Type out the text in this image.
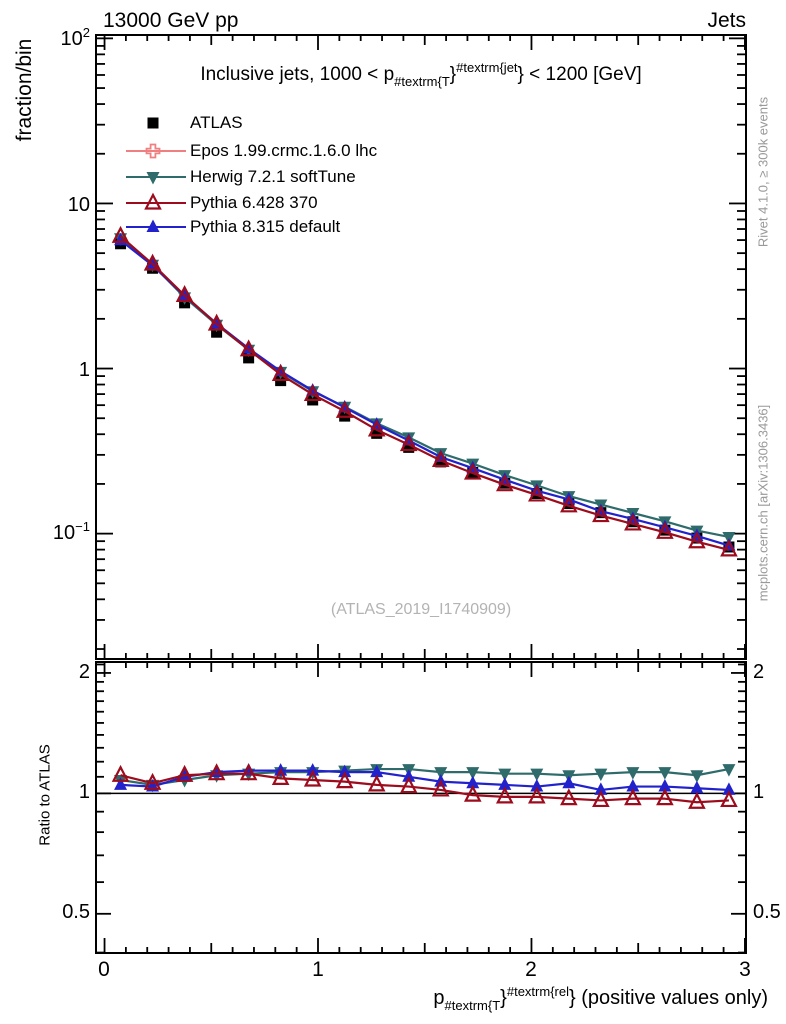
13000 GeV pp	Jets
fraction/bin	$10^2$
10
1
$10^{-1}$
Inclusive jets, $1000 < p_{\#textrm\{T}\}^{\#textrm\{jet}\} < 1200$ [GeV]
ATLAS
Epos 1.99.crmc.1.6.0 lhc
Herwig 7.2.1 softTune
Pythia 6.428 370
Pythia 8.315 default
(ATLAS_2019_I1740909)
Ratio to ATLAS
2
1
0.5
2
1
0.5
0	1	2	3
$p_{\#textrm\{T}\}^{\#textrm\{rel}$} (positive values only)
Rivet 4.1.0, ≥ 300k events
mcplots.cern.ch [arXiv:1306.3436]
